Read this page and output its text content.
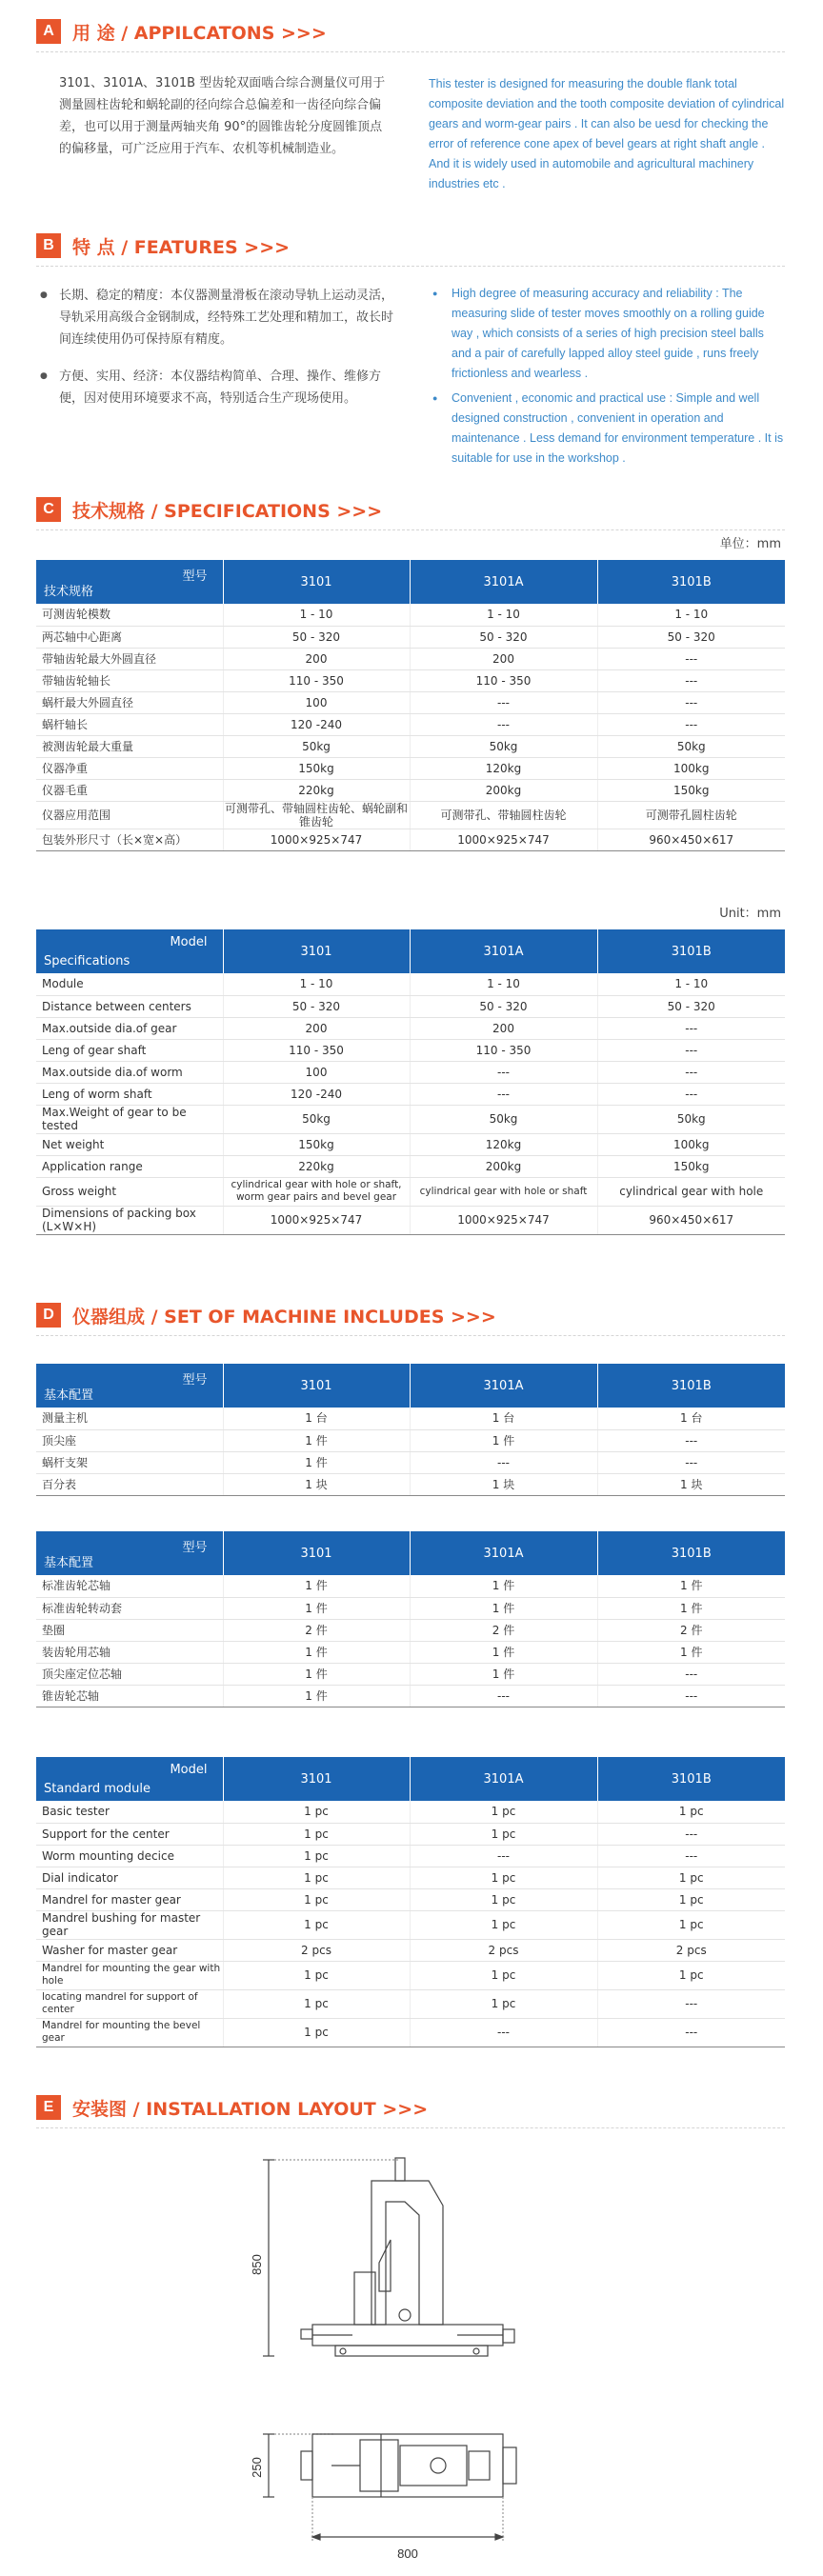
A	用 途 / APPILCATONS >>>
3101、3101A、3101B 型齿轮双面啮合综合测量仪可用于测量圆柱齿轮和蜗轮副的径向综合总偏差和一齿径向综合偏差，也可以用于测量两轴夹角 90°的圆锥齿轮分度圆锥顶点的偏移量，可广泛应用于汽车、农机等机械制造业。
This tester is designed for measuring the double flank total composite deviation and the tooth composite deviation of cylindrical gears and worm-gear pairs . It can also be uesd for checking the error of reference cone apex of bevel gears at right shaft angle . And it is widely used in automobile and agricultural machinery industries etc .
B	特 点 / FEATURES >>>
● 长期、稳定的精度：本仪器测量滑板在滚动导轨上运动灵活，导轨采用高级合金钢制成，经特殊工艺处理和精加工，故长时间连续使用仍可保持原有精度。
● 方便、实用、经济：本仪器结构简单、合理、操作、维修方便，因对使用环境要求不高，特别适合生产现场使用。
● High degree of measuring accuracy and reliability : The measuring slide of tester moves smoothly on a rolling guide way , which consists of a series of high precision steel balls and a pair of carefully lapped alloy steel guide , runs freely frictionless and wearless .
● Convenient , economic and practical use : Simple and well designed construction , convenient in operation and maintenance . Less demand for environment temperature . It is suitable for use in the workshop .
C	技术规格 / SPECIFICATIONS >>>
单位：mm
型号
技术规格	3101	3101A	3101B
可测齿轮模数	1 - 10	1 - 10	1 - 10
两芯轴中心距离	50 - 320	50 - 320	50 - 320
带轴齿轮最大外圆直径	200	200	---
带轴齿轮轴长	110 - 350	110 - 350	---
蜗杆最大外圆直径	100	---	---
蜗杆轴长	120 -240	---	---
被测齿轮最大重量	50kg	50kg	50kg
仪器净重	150kg	120kg	100kg
仪器毛重	220kg	200kg	150kg
仪器应用范围	可测带孔、带轴圆柱齿轮、蜗轮副和锥齿轮	可测带孔、带轴圆柱齿轮	可测带孔圆柱齿轮
包装外形尺寸（长×宽×高）	1000×925×747	1000×925×747	960×450×617
Unit：mm
Model
Specifications	3101	3101A	3101B
Module	1 - 10	1 - 10	1 - 10
Distance between centers	50 - 320	50 - 320	50 - 320
Max.outside dia.of gear	200	200	---
Leng of gear shaft	110 - 350	110 - 350	---
Max.outside dia.of worm	100	---	---
Leng of worm shaft	120 -240	---	---
Max.Weight of gear to be tested	50kg	50kg	50kg
Net weight	150kg	120kg	100kg
Application range	220kg	200kg	150kg
Gross weight	cylindrical gear with hole or shaft, worm gear pairs and bevel gear	cylindrical gear with hole or shaft	cylindrical gear with hole
Dimensions of packing box (L×W×H)	1000×925×747	1000×925×747	960×450×617
D	仪器组成 / SET OF MACHINE INCLUDES >>>
型号
基本配置	3101	3101A	3101B
测量主机	1 台	1 台	1 台
顶尖座	1 件	1 件	---
蜗杆支架	1 件	---	---
百分表	1 块	1 块	1 块
型号
基本配置	3101	3101A	3101B
标准齿轮芯轴	1 件	1 件	1 件
标准齿轮转动套	1 件	1 件	1 件
垫圈	2 件	2 件	2 件
装齿轮用芯轴	1 件	1 件	1 件
顶尖座定位芯轴	1 件	1 件	---
锥齿轮芯轴	1 件	---	---
Model
Standard module	3101	3101A	3101B
Basic tester	1 pc	1 pc	1 pc
Support for the center	1 pc	1 pc	---
Worm mounting decice	1 pc	---	---
Dial indicator	1 pc	1 pc	1 pc
Mandrel for master gear	1 pc	1 pc	1 pc
Mandrel bushing for master gear	1 pc	1 pc	1 pc
Washer for master gear	2 pcs	2 pcs	2 pcs
Mandrel for mounting the gear with hole	1 pc	1 pc	1 pc
locating mandrel for support of center	1 pc	1 pc	---
Mandrel for mounting the bevel gear	1 pc	---	---
E	安装图 / INSTALLATION LAYOUT >>>
850
250
800
